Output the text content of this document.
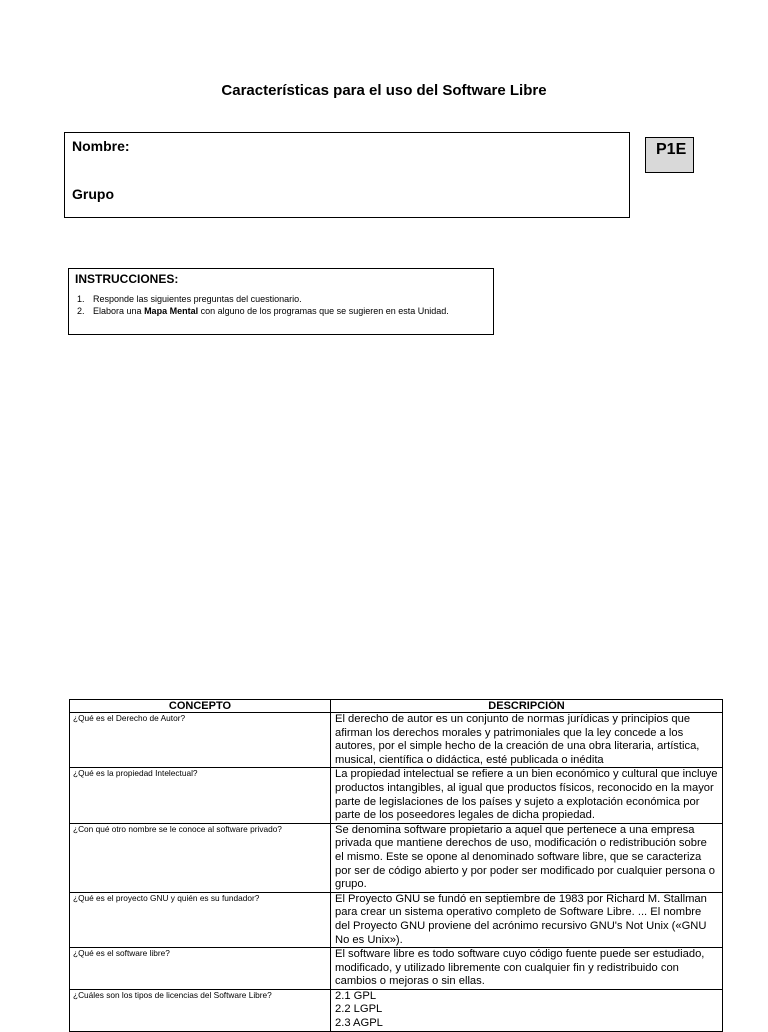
Características para el uso del Software Libre
Nombre:
Grupo
P1E
INSTRUCCIONES:
1. Responde las siguientes preguntas del cuestionario.
2. Elabora una Mapa Mental con alguno de los programas que se sugieren en esta Unidad.
CONCEPTO	DESCRIPCIÓN
¿Qué es el Derecho de Autor?	El derecho de autor es un conjunto de normas jurídicas y principios que afirman los derechos morales y patrimoniales que la ley concede a los autores, por el simple hecho de la creación de una obra literaria, artística, musical, científica o didáctica, esté publicada o inédita
¿Qué es la propiedad Intelectual?	La propiedad intelectual se refiere a un bien económico y cultural que incluye productos intangibles, al igual que productos físicos, reconocido en la mayor parte de legislaciones de los países y sujeto a explotación económica por parte de los poseedores legales de dicha propiedad.
¿Con qué otro nombre se le conoce al software privado?	Se denomina software propietario a aquel que pertenece a una empresa privada que mantiene derechos de uso, modificación o redistribución sobre el mismo. Este se opone al denominado software libre, que se caracteriza por ser de código abierto y por poder ser modificado por cualquier persona o grupo.
¿Qué es el proyecto GNU y quién es su fundador?	El Proyecto GNU se fundó en septiembre de 1983 por Richard M. Stallman para crear un sistema operativo completo de Software Libre. ... El nombre del Proyecto GNU proviene del acrónimo recursivo GNU's Not Unix («GNU No es Unix»).
¿Qué es el software libre?	El software libre es todo software cuyo código fuente puede ser estudiado, modificado, y utilizado libremente con cualquier fin y redistribuido con cambios o mejoras o sin ellas.
¿Cuáles son los tipos de licencias del Software Libre?	2.1 GPL
2.2 LGPL
2.3 AGPL
